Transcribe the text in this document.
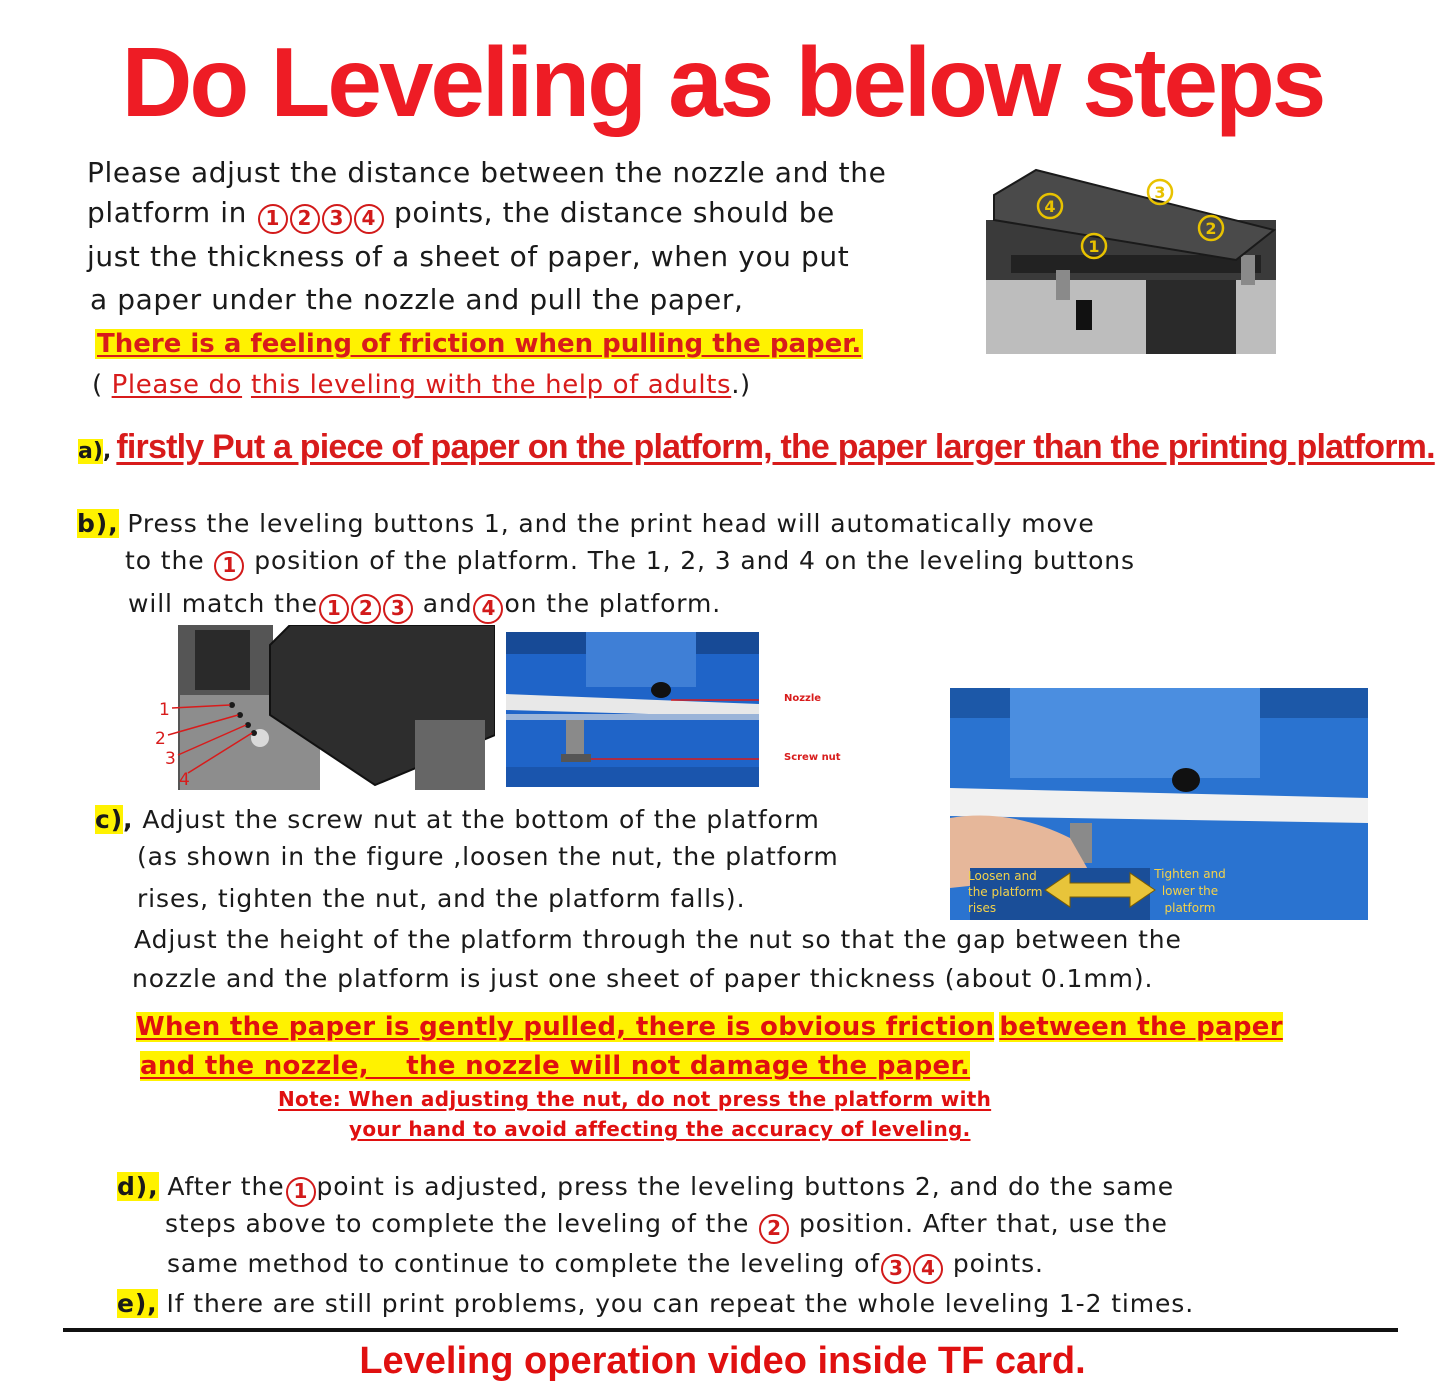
Do Leveling as below steps
Please adjust the distance between the nozzle and the
platform in 1 2 3 4 points, the distance should be
just the thickness of a sheet of paper, when you put
a paper under the nozzle and pull the paper,
There is a feeling of friction when pulling the paper.
( Please do this leveling with the help of adults.)
4
3
1
2
a), firstly Put a piece of paper on the platform, the paper larger than the printing platform.
b), Press the leveling buttons 1, and the print head will automatically move
to the 1 position of the platform. The 1, 2, 3 and 4 on the leveling buttons
will match the 1 2 3 and 4 on the platform.
1
2
3
4
Nozzle
Screw nut
Loosen and the platform rises
Tighten and lower the platform
c), Adjust the screw nut at the bottom of the platform
(as shown in the figure ,loosen the nut, the platform
rises, tighten the nut, and the platform falls).
Adjust the height of the platform through the nut so that the gap between the
nozzle and the platform is just one sheet of paper thickness (about 0.1mm).
When the paper is gently pulled, there is obvious friction between the paper
and the nozzle,    the nozzle will not damage the paper.
Note: When adjusting the nut, do not press the platform with
your hand to avoid affecting the accuracy of leveling.
d), After the 1 point is adjusted, press the leveling buttons 2, and do the same
steps above to complete the leveling of the 2 position. After that, use the
same method to continue to complete the leveling of 3 4 points.
e), If there are still print problems, you can repeat the whole leveling 1-2 times.
Leveling operation video inside TF card.
